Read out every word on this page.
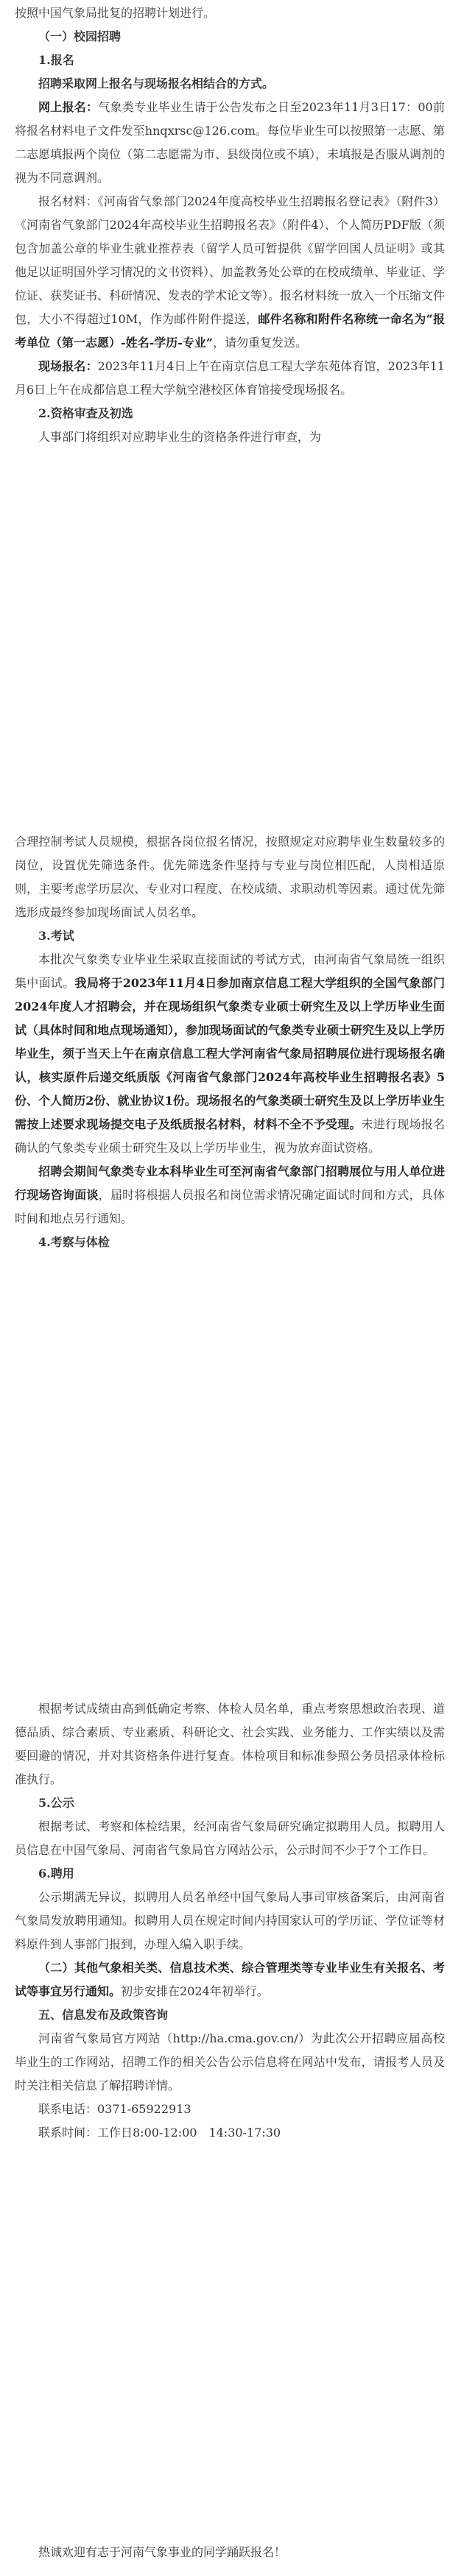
按照中国气象局批复的招聘计划进行。

（一）校园招聘

1.报名

招聘采取网上报名与现场报名相结合的方式。

网上报名：气象类专业毕业生请于公告发布之日至2023年11月3日17：00前将报名材料电子文件发至hnqxrsc@126.com。每位毕业生可以按照第一志愿、第二志愿填报两个岗位（第二志愿需为市、县级岗位或不填），未填报是否服从调剂的视为不同意调剂。

报名材料：《河南省气象部门2024年度高校毕业生招聘报名登记表》（附件3）《河南省气象部门2024年高校毕业生招聘报名表》（附件4）、个人简历PDF版（须包含加盖公章的毕业生就业推荐表（留学人员可暂提供《留学回国人员证明》或其他足以证明国外学习情况的文书资料）、加盖教务处公章的在校成绩单、毕业证、学位证、获奖证书、科研情况、发表的学术论文等）。报名材料统一放入一个压缩文件包，大小不得超过10M，作为邮件附件提送，邮件名称和附件名称统一命名为“报考单位（第一志愿）-姓名-学历-专业”，请勿重复发送。

现场报名：2023年11月4日上午在南京信息工程大学东苑体育馆，2023年11月6日上午在成都信息工程大学航空港校区体育馆接受现场报名。

2.资格审查及初选

人事部门将组织对应聘毕业生的资格条件进行审查，为

合理控制考试人员规模，根据各岗位报名情况，按照规定对应聘毕业生数量较多的岗位，设置优先筛选条件。优先筛选条件坚持与专业与岗位相匹配，人岗相适原则，主要考虑学历层次、专业对口程度、在校成绩、求职动机等因素。通过优先筛选形成最终参加现场面试人员名单。

3.考试

本批次气象类专业毕业生采取直接面试的考试方式，由河南省气象局统一组织集中面试。我局将于2023年11月4日参加南京信息工程大学组织的全国气象部门2024年度人才招聘会，并在现场组织气象类专业硕士研究生及以上学历毕业生面试（具体时间和地点现场通知），参加现场面试的气象类专业硕士研究生及以上学历毕业生，须于当天上午在南京信息工程大学河南省气象局招聘展位进行现场报名确认，核实原件后递交纸质版《河南省气象部门2024年高校毕业生招聘报名表》5份、个人简历2份、就业协议1份。现场报名的气象类硕士研究生及以上学历毕业生需按上述要求现场提交电子及纸质报名材料，材料不全不予受理。未进行现场报名确认的气象类专业硕士研究生及以上学历毕业生，视为放弃面试资格。

招聘会期间气象类专业本科毕业生可至河南省气象部门招聘展位与用人单位进行现场咨询面谈，届时将根据人员报名和岗位需求情况确定面试时间和方式，具体时间和地点另行通知。

4.考察与体检

根据考试成绩由高到低确定考察、体检人员名单，重点考察思想政治表现、道德品质、综合素质、专业素质、科研论文、社会实践、业务能力、工作实绩以及需要回避的情况，并对其资格条件进行复查。体检项目和标准参照公务员招录体检标准执行。

5.公示

根据考试、考察和体检结果，经河南省气象局研究确定拟聘用人员。拟聘用人员信息在中国气象局、河南省气象局官方网站公示，公示时间不少于7个工作日。

6.聘用

公示期满无异议，拟聘用人员名单经中国气象局人事司审核备案后，由河南省气象局发放聘用通知。拟聘用人员在规定时间内持国家认可的学历证、学位证等材料原件到人事部门报到，办理入编入职手续。

（二）其他气象相关类、信息技术类、综合管理类等专业毕业生有关报名、考试等事宜另行通知。初步安排在2024年初举行。

五、信息发布及政策咨询

河南省气象局官方网站（http://ha.cma.gov.cn/）为此次公开招聘应届高校毕业生的工作网站，招聘工作的相关公告公示信息将在网站中发布，请报考人员及时关注相关信息了解招聘详情。

联系电话：0371-65922913

联系时间：工作日8:00-12:00　14:30-17:30

热诚欢迎有志于河南气象事业的同学踊跃报名！
